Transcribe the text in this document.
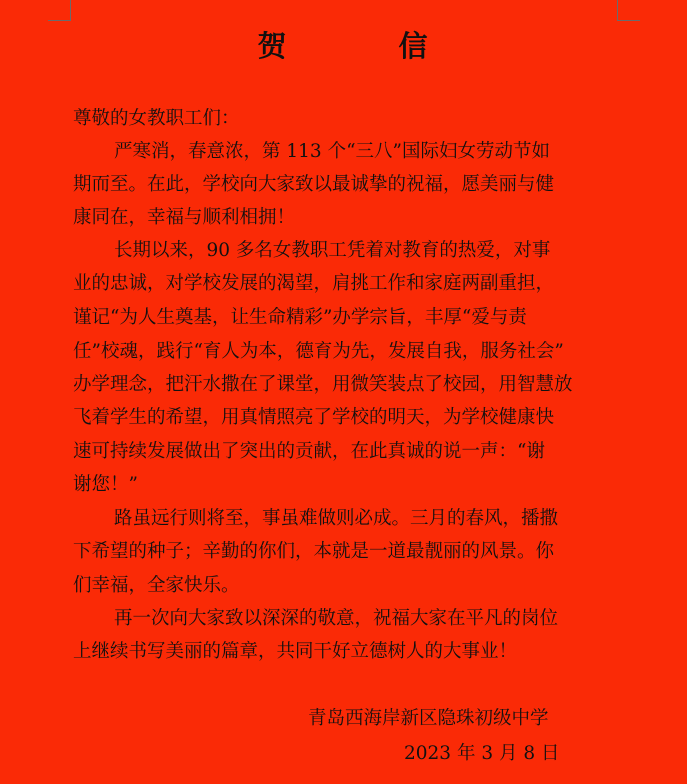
贺	信
尊敬的女教职工们：
严寒消，春意浓，第 113 个“三八”国际妇女劳动节如
期而至。在此，学校向大家致以最诚挚的祝福，愿美丽与健
康同在，幸福与顺利相拥！
长期以来，90 多名女教职工凭着对教育的热爱，对事
业的忠诚，对学校发展的渴望，肩挑工作和家庭两副重担，
谨记“为人生奠基，让生命精彩”办学宗旨，丰厚“爱与责
任”校魂，践行“育人为本，德育为先，发展自我，服务社会”
办学理念，把汗水撒在了课堂，用微笑装点了校园，用智慧放
飞着学生的希望，用真情照亮了学校的明天，为学校健康快
速可持续发展做出了突出的贡献，在此真诚的说一声：“谢
谢您！”
路虽远行则将至，事虽难做则必成。三月的春风，播撒
下希望的种子；辛勤的你们，本就是一道最靓丽的风景。你
们幸福，全家快乐。
再一次向大家致以深深的敬意，祝福大家在平凡的岗位
上继续书写美丽的篇章，共同干好立德树人的大事业！
青岛西海岸新区隐珠初级中学
2023 年 3 月 8 日
